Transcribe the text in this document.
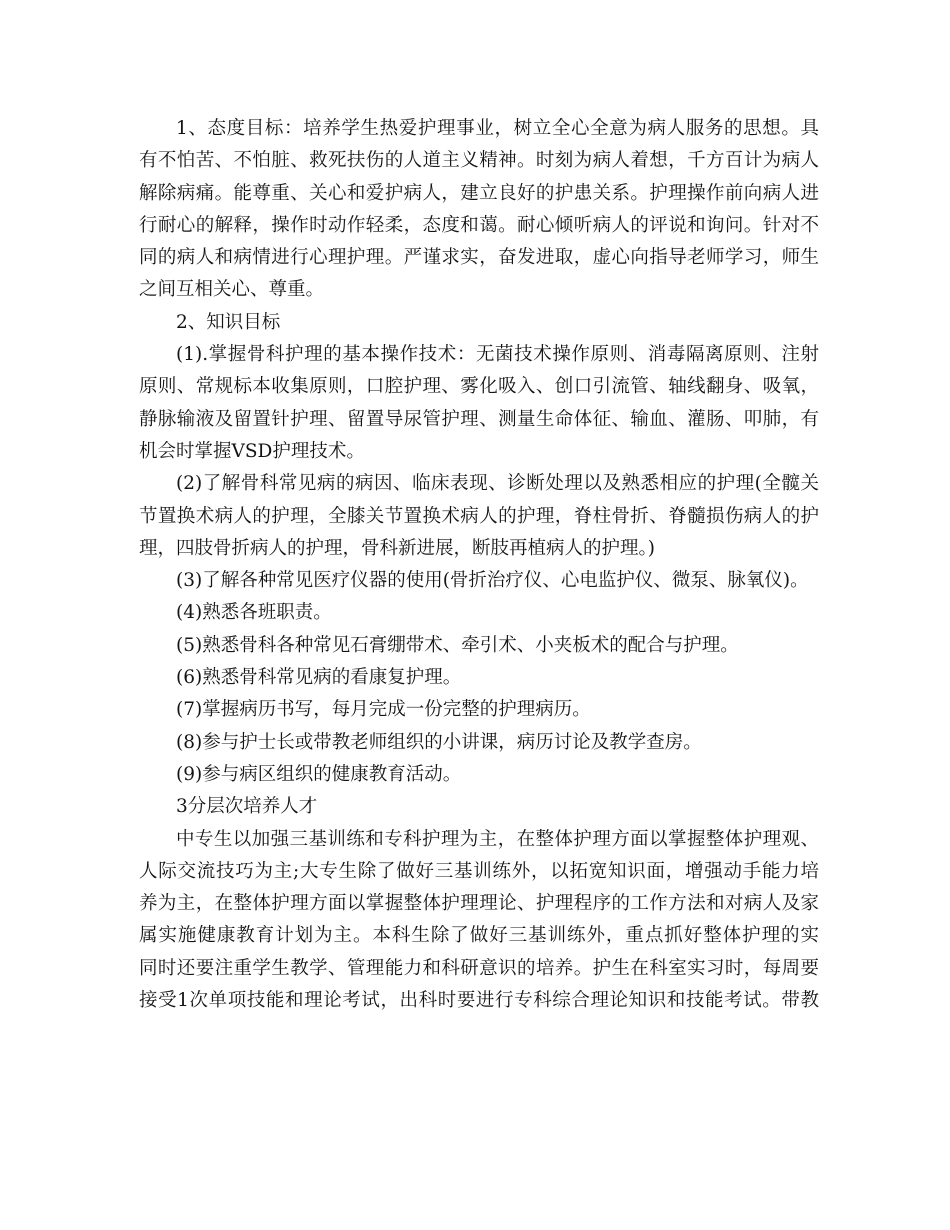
1、态度目标：培养学生热爱护理事业，树立全心全意为病人服务的思想。具
有不怕苦、不怕脏、救死扶伤的人道主义精神。时刻为病人着想，千方百计为病人
解除病痛。能尊重、关心和爱护病人，建立良好的护患关系。护理操作前向病人进
行耐心的解释，操作时动作轻柔，态度和蔼。耐心倾听病人的评说和询问。针对不
同的病人和病情进行心理护理。严谨求实，奋发进取，虚心向指导老师学习，师生
之间互相关心、尊重。
2、知识目标
(1).掌握骨科护理的基本操作技术：无菌技术操作原则、消毒隔离原则、注射
原则、常规标本收集原则，口腔护理、雾化吸入、创口引流管、轴线翻身、吸氧，
静脉输液及留置针护理、留置导尿管护理、测量生命体征、输血、灌肠、叩肺，有
机会时掌握VSD护理技术。
(2)了解骨科常见病的病因、临床表现、诊断处理以及熟悉相应的护理(全髋关
节置换术病人的护理，全膝关节置换术病人的护理，脊柱骨折、脊髓损伤病人的护
理，四肢骨折病人的护理，骨科新进展，断肢再植病人的护理。)
(3)了解各种常见医疗仪器的使用(骨折治疗仪、心电监护仪、微泵、脉氧仪)。
(4)熟悉各班职责。
(5)熟悉骨科各种常见石膏绷带术、牵引术、小夹板术的配合与护理。
(6)熟悉骨科常见病的看康复护理。
(7)掌握病历书写，每月完成一份完整的护理病历。
(8)参与护士长或带教老师组织的小讲课，病历讨论及教学查房。
(9)参与病区组织的健康教育活动。
3分层次培养人才
中专生以加强三基训练和专科护理为主，在整体护理方面以掌握整体护理观、
人际交流技巧为主;大专生除了做好三基训练外，以拓宽知识面，增强动手能力培
养为主，在整体护理方面以掌握整体护理理论、护理程序的工作方法和对病人及家
属实施健康教育计划为主。本科生除了做好三基训练外，重点抓好整体护理的实
同时还要注重学生教学、管理能力和科研意识的培养。护生在科室实习时，每周要
接受1次单项技能和理论考试，出科时要进行专科综合理论知识和技能考试。带教
